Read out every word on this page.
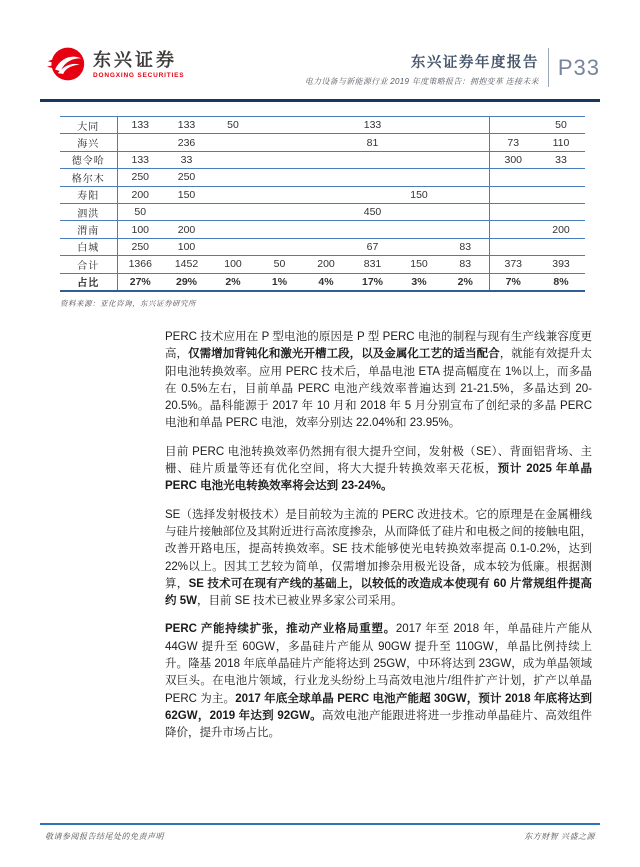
东兴证券
DONGXING SECURITIES
东兴证券年度报告
电力设备与新能源行业 2019 年度策略报告：拥抱变革 连接未来
P33
大同	133	133	50			133				50
海兴		236				81			73	110
德令哈	133	33							300	33
格尔木	250	250								
寿阳	200	150					150			
泗洪	50					450				
渭南	100	200								200
白城	250	100				67		83		
合计	1366	1452	100	50	200	831	150	83	373	393
占比	27%	29%	2%	1%	4%	17%	3%	2%	7%	8%
资料来源：亚化咨询，东兴证券研究所

PERC 技术应用在 P 型电池的原因是 P 型 PERC 电池的制程与现有生产线兼容度更高，仅需增加背钝化和激光开槽工段，以及金属化工艺的适当配合，就能有效提升太阳电池转换效率。应用 PERC 技术后，单晶电池 ETA 提高幅度在 1%以上，而多晶在 0.5%左右，目前单晶 PERC 电池产线效率普遍达到 21-21.5%，多晶达到 20-20.5%。晶科能源于 2017 年 10 月和 2018 年 5 月分别宣布了创纪录的多晶 PERC 电池和单晶 PERC 电池，效率分别达 22.04%和 23.95%。

目前 PERC 电池转换效率仍然拥有很大提升空间，发射极（SE）、背面铝背场、主栅、硅片质量等还有优化空间，将大大提升转换效率天花板，预计 2025 年单晶 PERC 电池光电转换效率将会达到 23-24%。

SE（选择发射极技术）是目前较为主流的 PERC 改进技术。它的原理是在金属栅线与硅片接触部位及其附近进行高浓度掺杂，从而降低了硅片和电极之间的接触电阻，改善开路电压，提高转换效率。SE 技术能够使光电转换效率提高 0.1-0.2%，达到 22%以上。因其工艺较为简单，仅需增加掺杂用极光设备，成本较为低廉。根据测算，SE 技术可在现有产线的基础上，以较低的改造成本使现有 60 片常规组件提高约 5W，目前 SE 技术已被业界多家公司采用。

PERC 产能持续扩张，推动产业格局重塑。2017 年至 2018 年，单晶硅片产能从 44GW 提升至 60GW，多晶硅片产能从 90GW 提升至 110GW，单晶比例持续上升。隆基 2018 年底单晶硅片产能将达到 25GW，中环将达到 23GW，成为单晶领域双巨头。在电池片领域，行业龙头纷纷上马高效电池片/组件扩产计划，扩产以单晶 PERC 为主。2017 年底全球单晶 PERC 电池产能超 30GW，预计 2018 年底将达到 62GW，2019 年达到 92GW。高效电池产能跟进将进一步推动单晶硅片、高效组件降价，提升市场占比。

敬请参阅报告结尾处的免责声明	东方财智 兴盛之源
